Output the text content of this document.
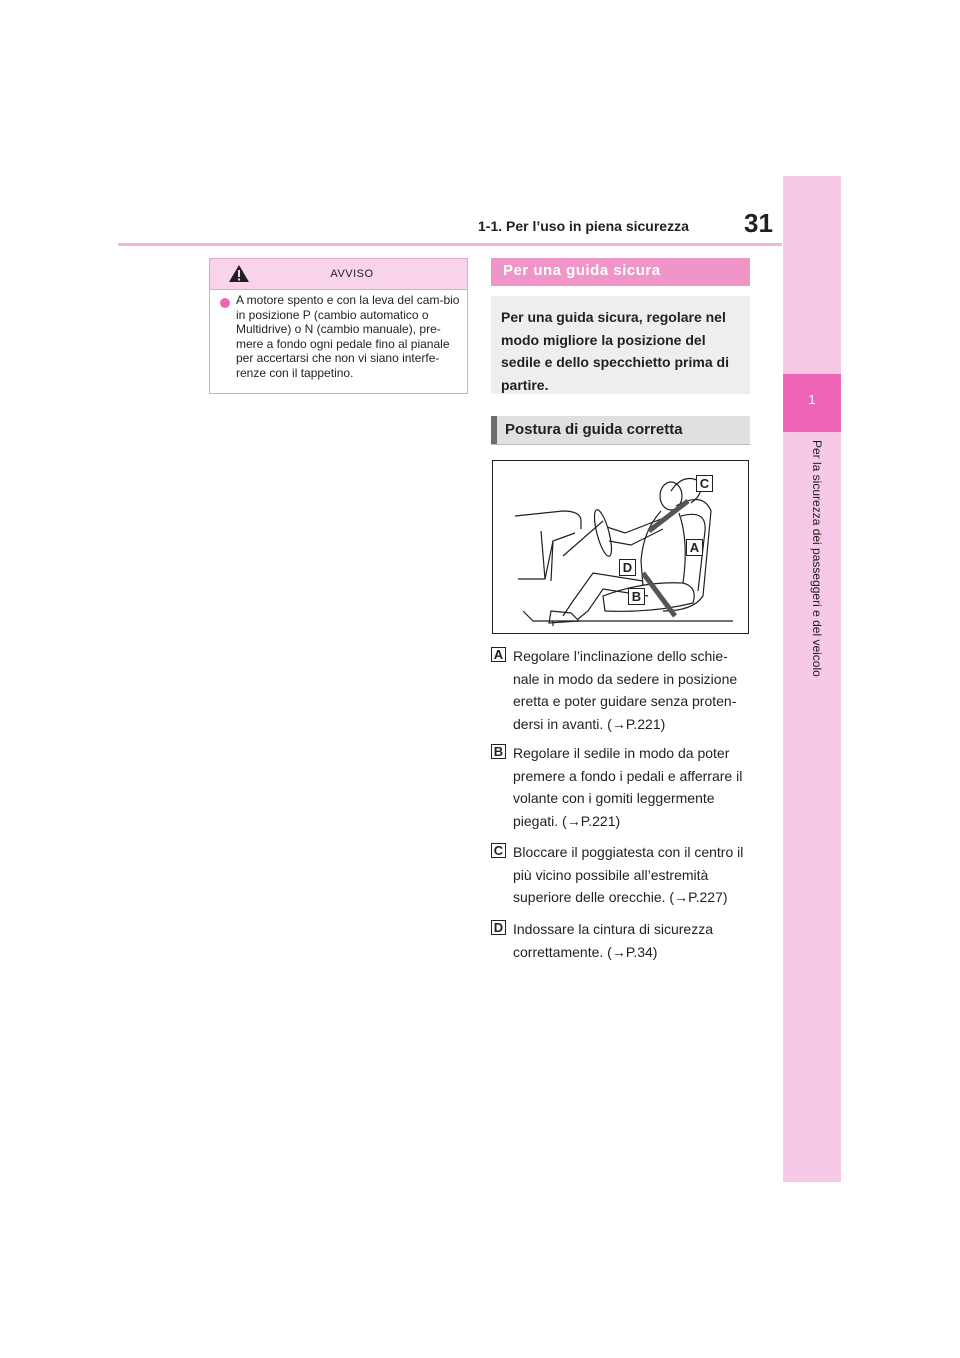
31
1-1. Per l’uso in piena sicurezza
1
Per la sicurezza dei passeggeri e del veicolo
AVVISO
A motore spento e con la leva del cam-bio in posizione P (cambio automatico o Multidrive) o N (cambio manuale), pre-mere a fondo ogni pedale fino al pianale per accertarsi che non vi siano interfe-renze con il tappetino.
Per una guida sicura
Per una guida sicura, regolare nel modo migliore la posizione del sedile e dello specchietto prima di partire.
Postura di guida corretta
C
A
D
B
A Regolare l’inclinazione dello schie-nale in modo da sedere in posizione eretta e poter guidare senza proten-dersi in avanti. (→P.221)
B Regolare il sedile in modo da poter premere a fondo i pedali e afferrare il volante con i gomiti leggermente piegati. (→P.221)
C Bloccare il poggiatesta con il centro il più vicino possibile all’estremità superiore delle orecchie. (→P.227)
D Indossare la cintura di sicurezza correttamente. (→P.34)
